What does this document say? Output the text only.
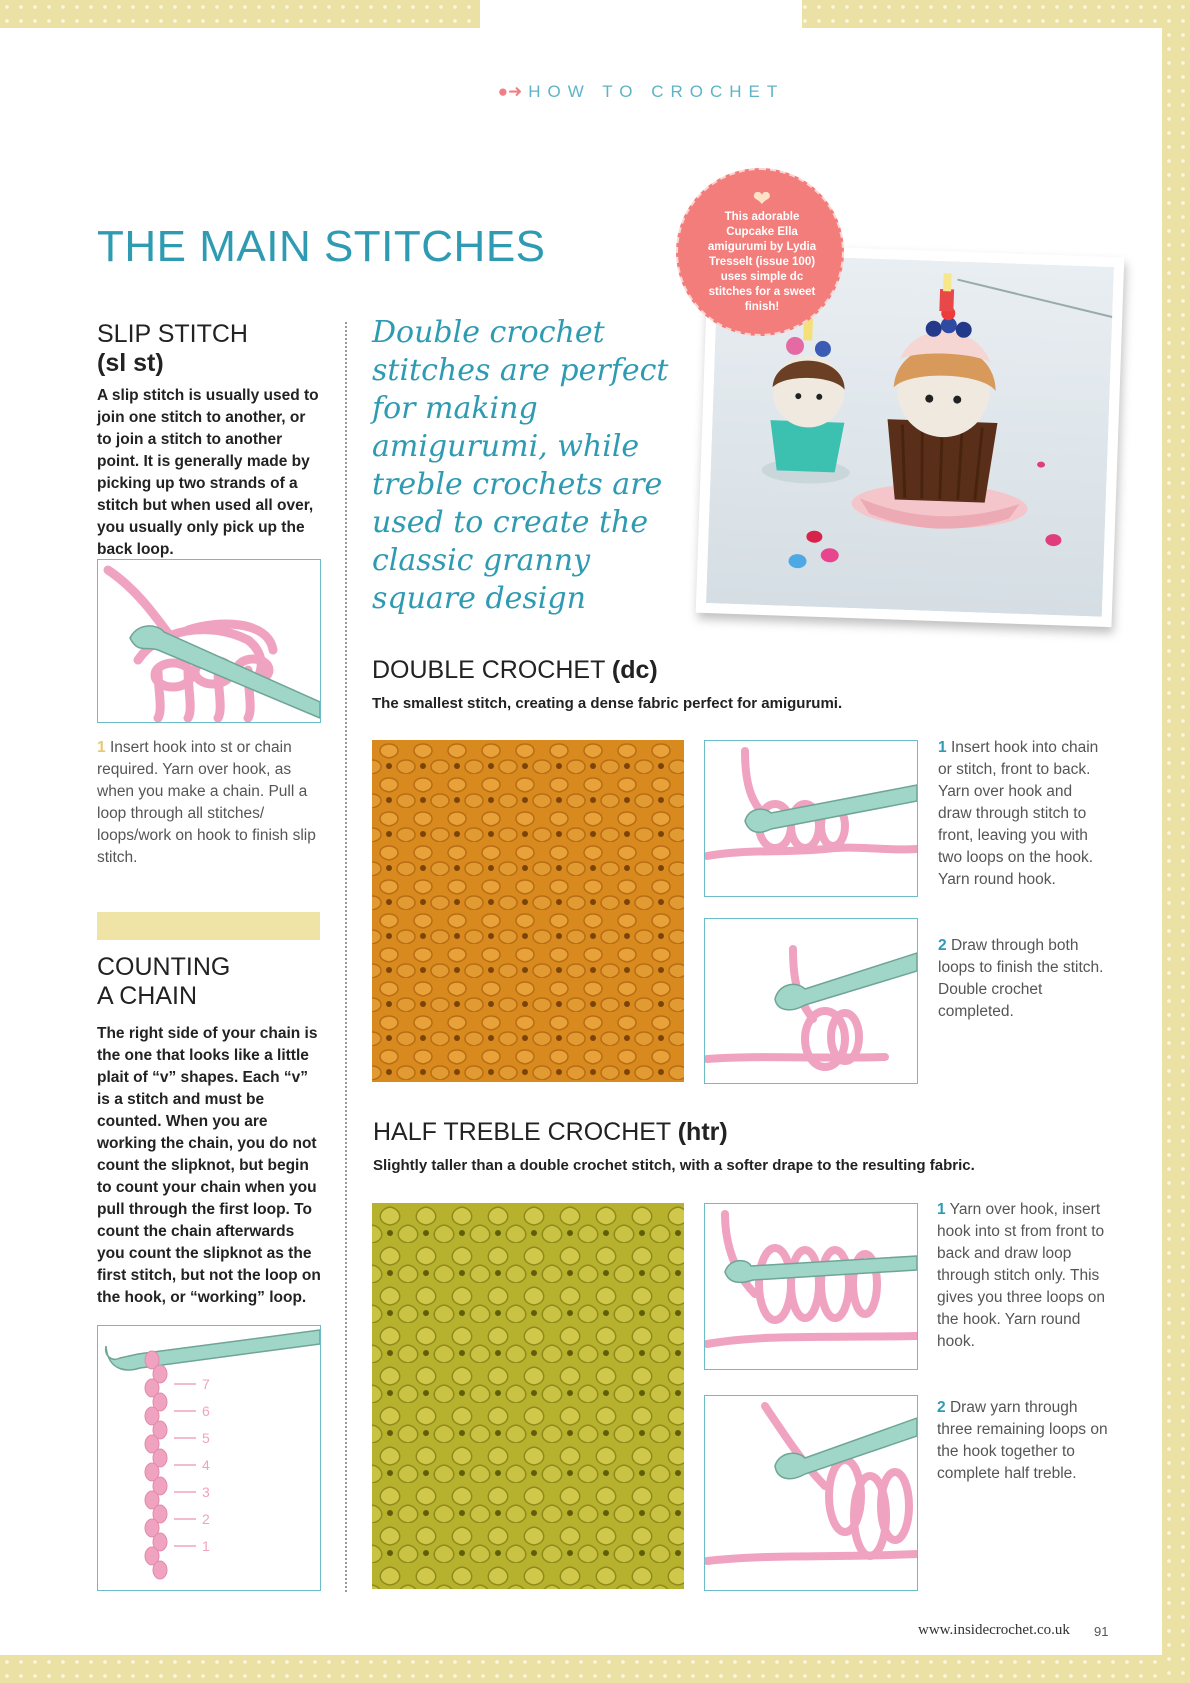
●➜ HOW TO CROCHET
THE MAIN STITCHES
SLIP STITCH
(sl st)
A slip stitch is usually used to join one stitch to another, or to join a stitch to another point. It is generally made by picking up two strands of a stitch but when used all over, you usually only pick up the back loop.
1 Insert hook into st or chain required. Yarn over hook, as when you make a chain. Pull a loop through all stitches/ loops/work on hook to finish slip stitch.
COUNTING
A CHAIN
The right side of your chain is the one that looks like a little plait of “v” shapes. Each “v” is a stitch and must be counted. When you are working the chain, you do not count the slipknot, but begin to count your chain when you pull through the first loop. To count the chain afterwards you count the slipknot as the first stitch, but not the loop on the hook, or “working” loop.
7
6
5
4
3
2
1
Double crochet stitches are perfect for making amigurumi, while treble crochets are used to create the classic granny square design
❤
This adorable Cupcake Ella amigurumi by Lydia Tresselt (issue 100) uses simple dc stitches for a sweet finish!
DOUBLE CROCHET (dc)
The smallest stitch, creating a dense fabric perfect for amigurumi.
1 Insert hook into chain or stitch, front to back. Yarn over hook and draw through stitch to front, leaving you with two loops on the hook. Yarn round hook.
2 Draw through both loops to finish the stitch. Double crochet completed.
HALF TREBLE CROCHET (htr)
Slightly taller than a double crochet stitch, with a softer drape to the resulting fabric.
1 Yarn over hook, insert hook into st from front to back and draw loop through stitch only. This gives you three loops on the hook. Yarn round hook.
2 Draw yarn through three remaining loops on the hook together to complete half treble.
www.insidecrochet.co.uk 91
